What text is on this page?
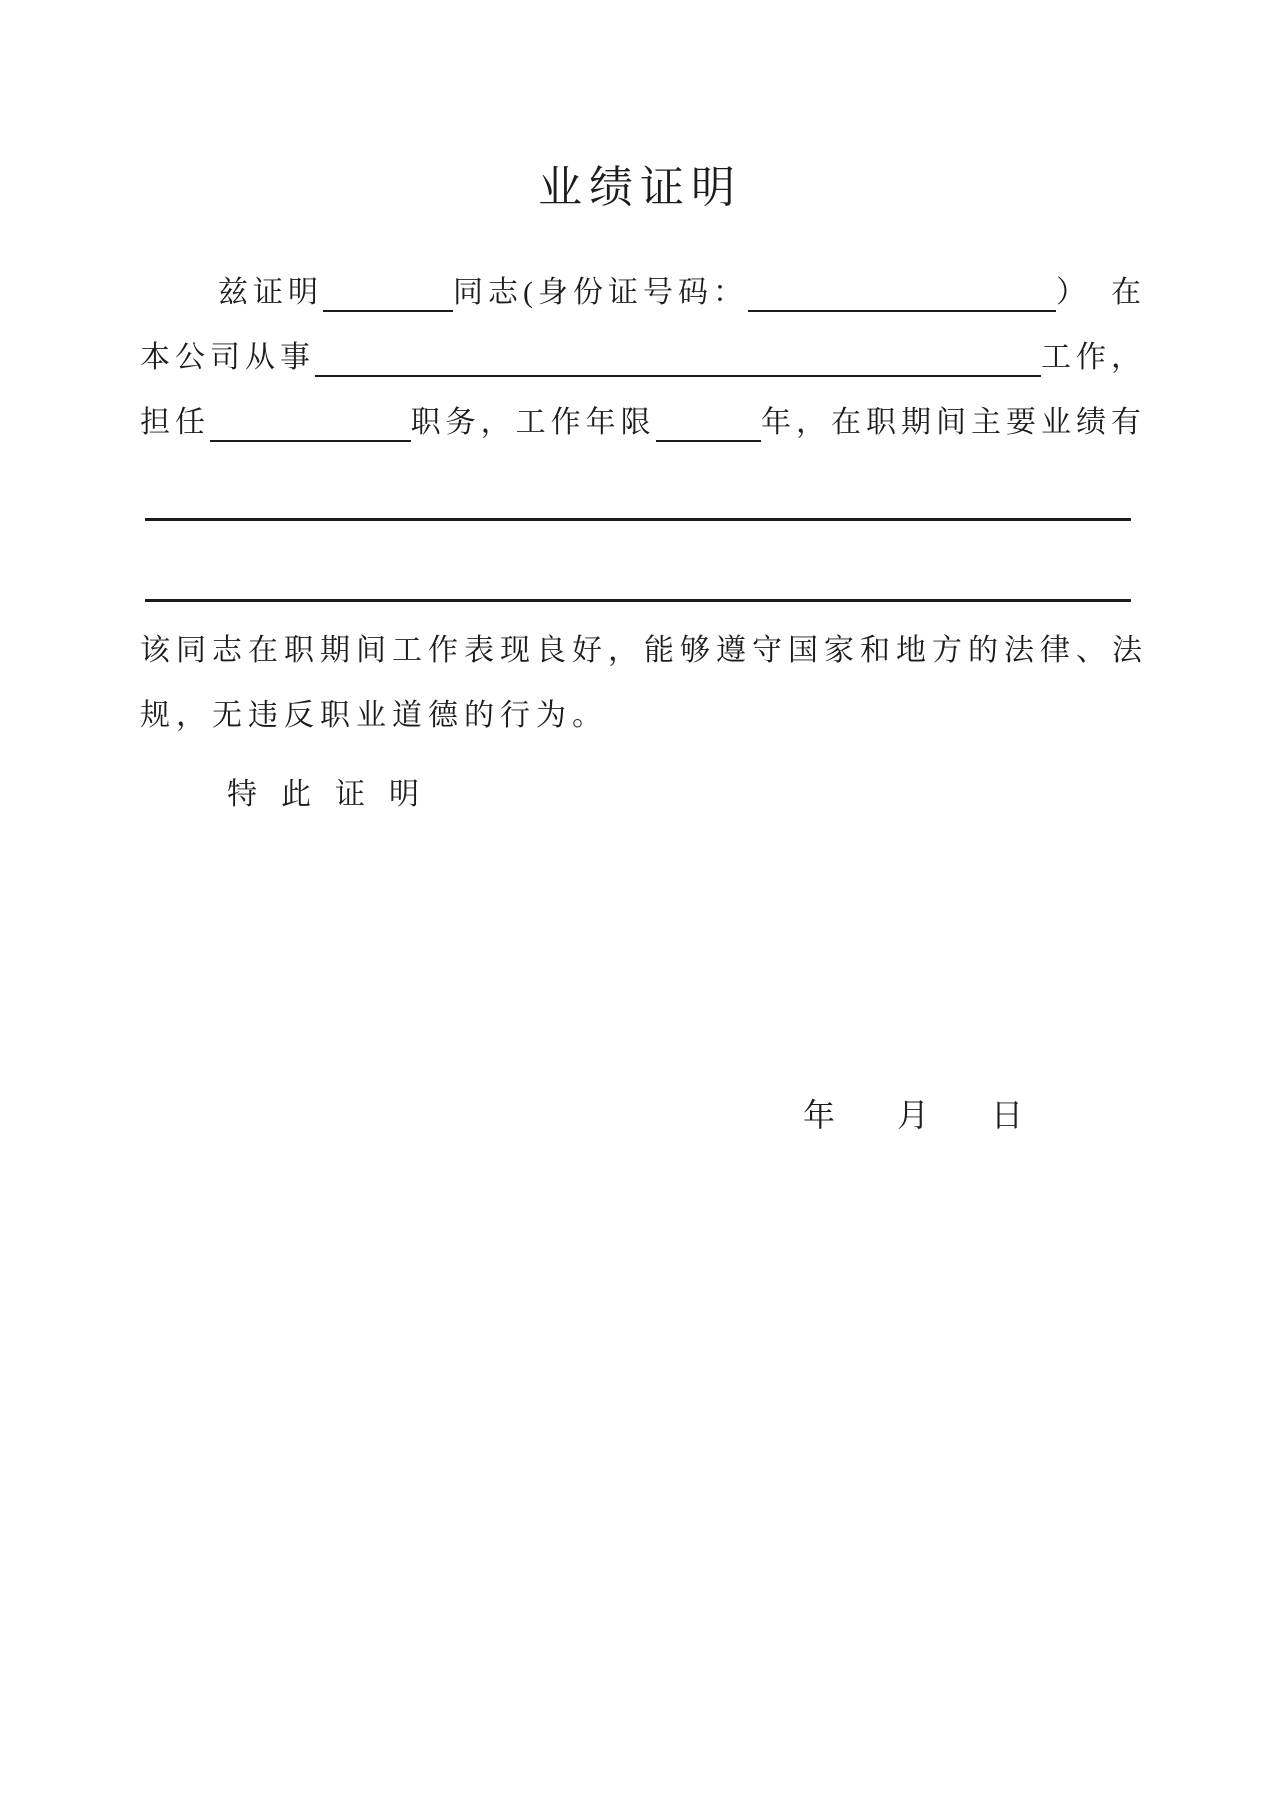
业绩证明
兹证明	同志(身份证号码：	） 在
本公司从事	工作，
担任	职务，工作年限	年，在职期间主要业绩有
该同志在职期间工作表现良好，能够遵守国家和地方的法律、法
规，无违反职业道德的行为。
特此证明
年 月 日
